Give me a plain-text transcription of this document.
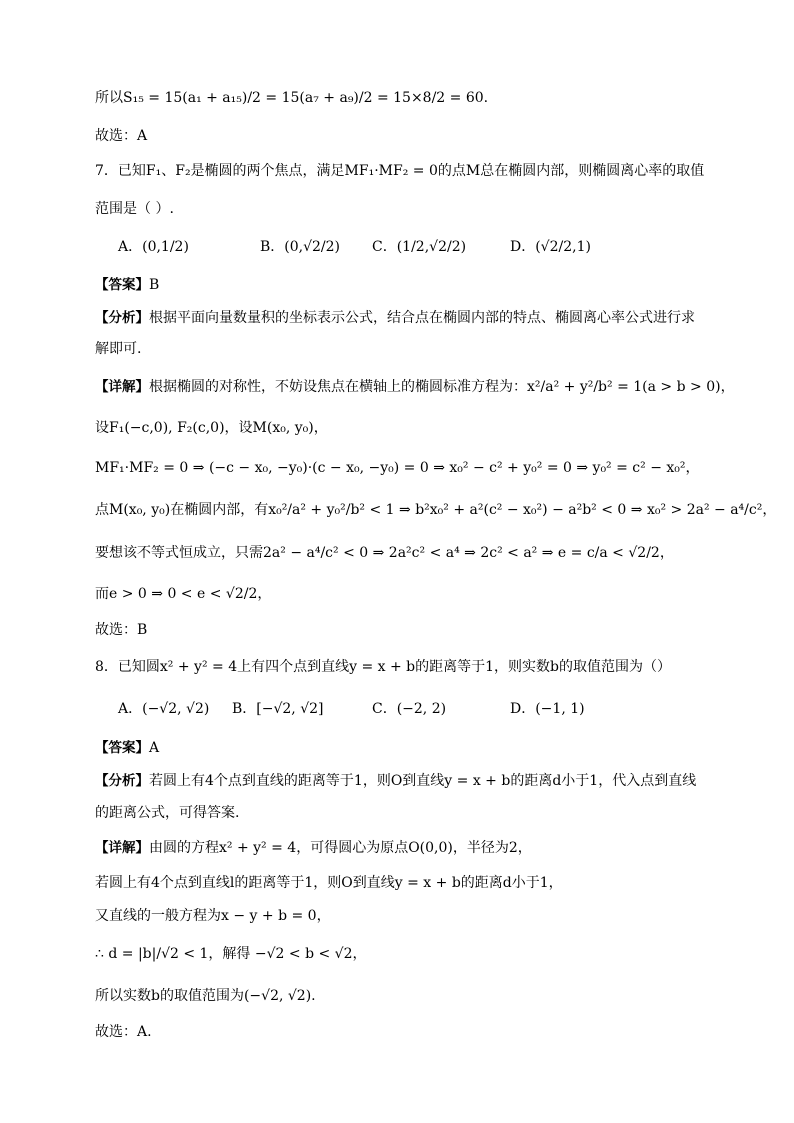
所以S₁₅ = 15(a₁ + a₁₅)/2 = 15(a₇ + a₉)/2 = 15×8/2 = 60.
故选：A
7．已知F₁、F₂是椭圆的两个焦点，满足MF₁·MF₂ = 0的点M总在椭圆内部，则椭圆离心率的取值
范围是（ ）.
A．(0,1/2)	B．(0,√2/2) C．(1/2,√2/2)	D．(√2/2,1)
【答案】B
【分析】根据平面向量数量积的坐标表示公式，结合点在椭圆内部的特点、椭圆离心率公式进行求
解即可.
【详解】根据椭圆的对称性，不妨设焦点在横轴上的椭圆标准方程为：x²/a² + y²/b² = 1(a > b > 0)，
设F₁(−c,0), F₂(c,0)，设M(x₀, y₀)，
MF₁·MF₂ = 0 ⇒ (−c − x₀, −y₀)·(c − x₀, −y₀) = 0 ⇒ x₀² − c² + y₀² = 0 ⇒ y₀² = c² − x₀²，
点M(x₀, y₀)在椭圆内部，有x₀²/a² + y₀²/b² < 1 ⇒ b²x₀² + a²(c² − x₀²) − a²b² < 0 ⇒ x₀² > 2a² − a⁴/c²，
要想该不等式恒成立，只需2a² − a⁴/c² < 0 ⇒ 2a²c² < a⁴ ⇒ 2c² < a² ⇒ e = c/a < √2/2，
而e > 0 ⇒ 0 < e < √2/2，
故选：B
8．已知圆x² + y² = 4上有四个点到直线y = x + b的距离等于1，则实数b的取值范围为（）
A．(−√2, √2) B．[−√2, √2]	C．(−2, 2)	D．(−1, 1)
【答案】A
【分析】若圆上有4个点到直线的距离等于1，则O到直线y = x + b的距离d小于1，代入点到直线
的距离公式，可得答案.
【详解】由圆的方程x² + y² = 4，可得圆心为原点O(0,0)，半径为2，
若圆上有4个点到直线l的距离等于1，则O到直线y = x + b的距离d小于1，
又直线的一般方程为x − y + b = 0，
∴ d = |b|/√2 < 1，解得 −√2 < b < √2，
所以实数b的取值范围为(−√2, √2).
故选：A.
